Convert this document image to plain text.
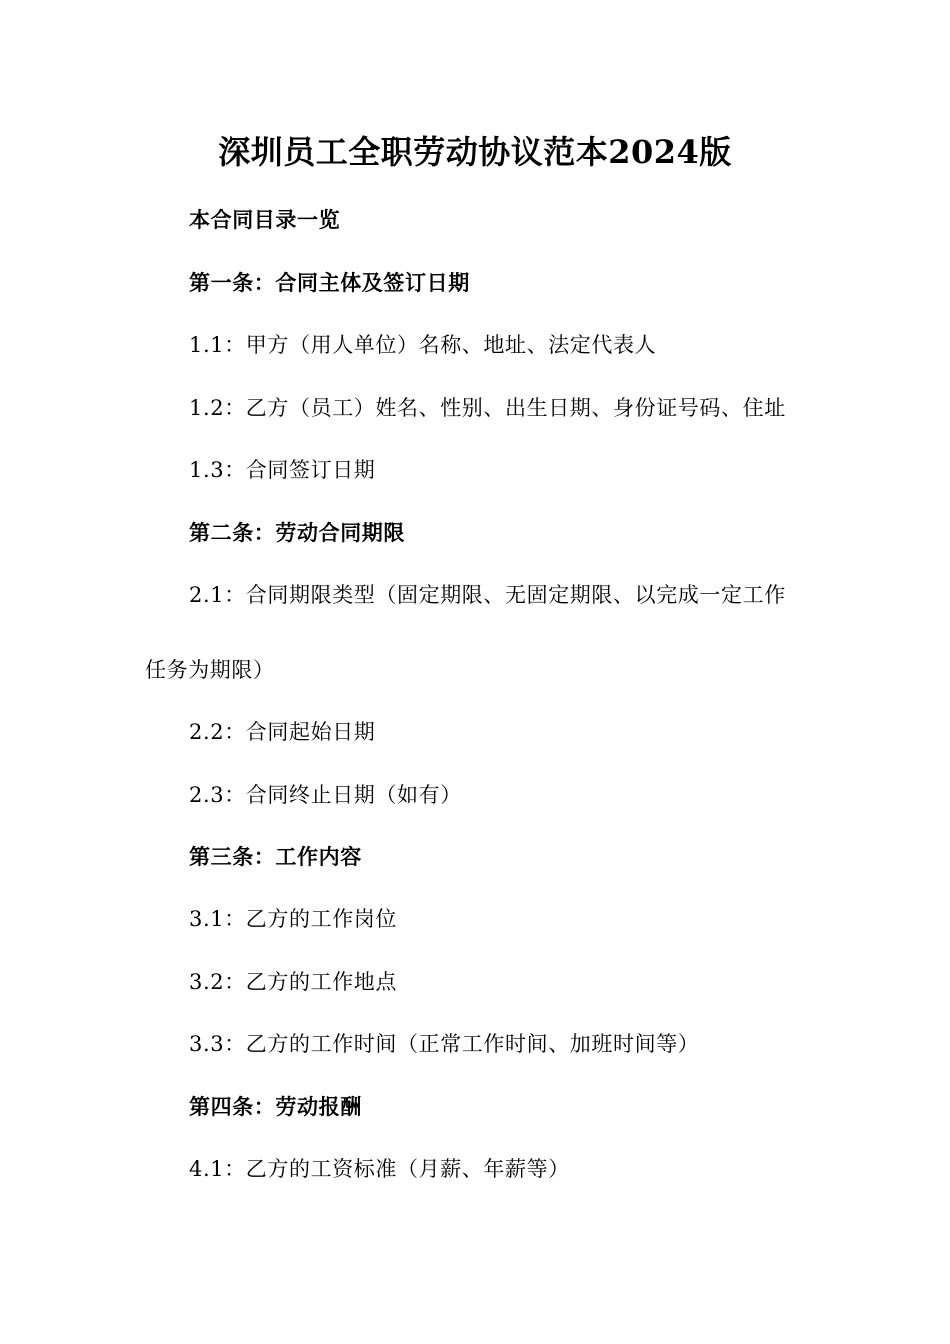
深圳员工全职劳动协议范本2024版
本合同目录一览
第一条：合同主体及签订日期
1.1：甲方（用人单位）名称、地址、法定代表人
1.2：乙方（员工）姓名、性别、出生日期、身份证号码、住址
1.3：合同签订日期
第二条：劳动合同期限
2.1：合同期限类型（固定期限、无固定期限、以完成一定工作
任务为期限）
2.2：合同起始日期
2.3：合同终止日期（如有）
第三条：工作内容
3.1：乙方的工作岗位
3.2：乙方的工作地点
3.3：乙方的工作时间（正常工作时间、加班时间等）
第四条：劳动报酬
4.1：乙方的工资标准（月薪、年薪等）
